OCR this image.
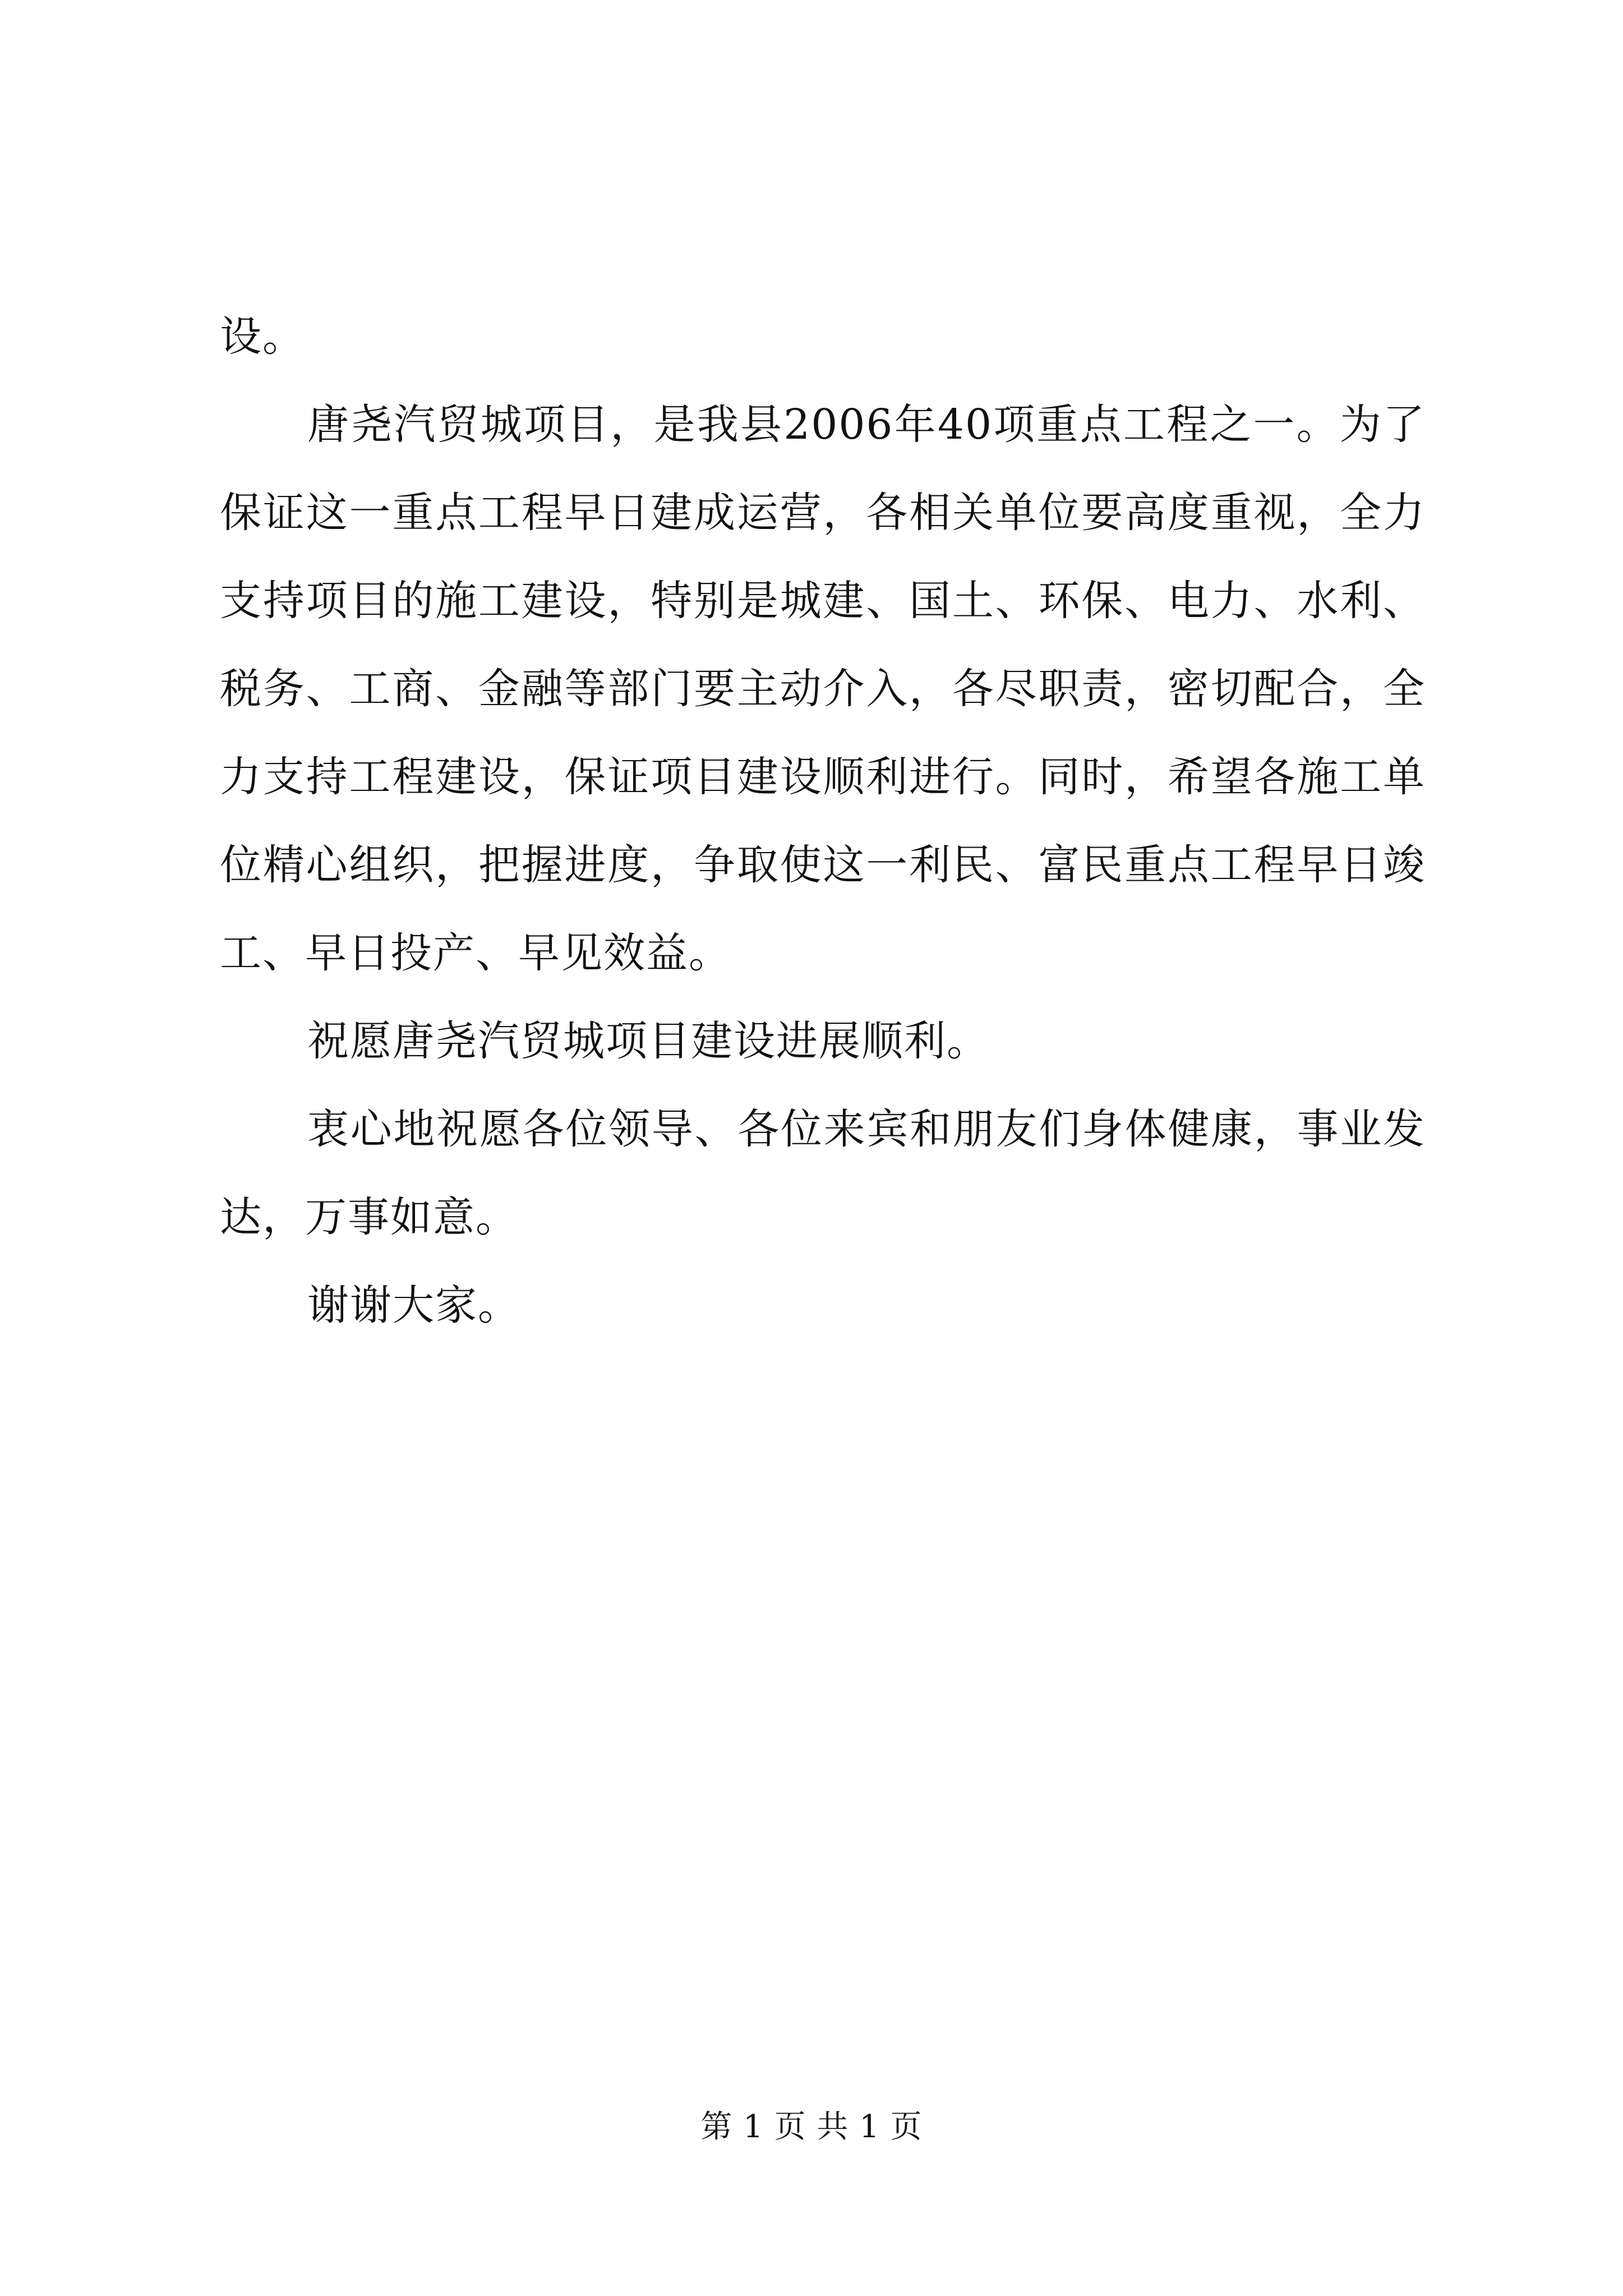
设。

唐尧汽贸城项目，是我县2006年40项重点工程之一。为了保证这一重点工程早日建成运营，各相关单位要高度重视，全力支持项目的施工建设，特别是城建、国土、环保、电力、水利、税务、工商、金融等部门要主动介入，各尽职责，密切配合，全力支持工程建设，保证项目建设顺利进行。同时，希望各施工单位精心组织，把握进度，争取使这一利民、富民重点工程早日竣工、早日投产、早见效益。

祝愿唐尧汽贸城项目建设进展顺利。

衷心地祝愿各位领导、各位来宾和朋友们身体健康，事业发达，万事如意。

谢谢大家。

第 1 页 共 1 页
